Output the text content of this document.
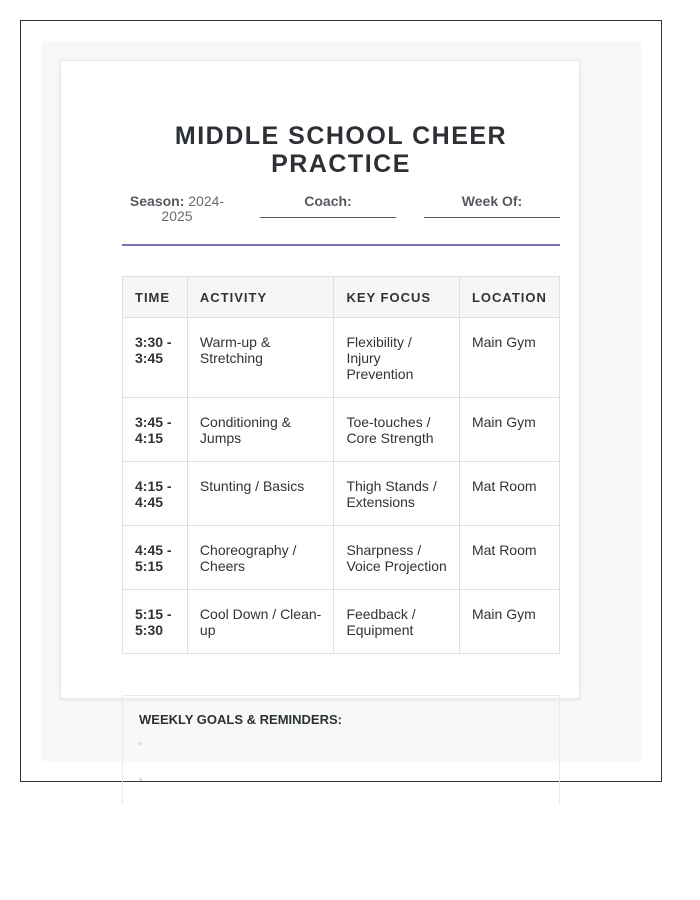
MIDDLE SCHOOL CHEER PRACTICE
Season: 2024-2025
Coach:	Week Of:
TIME	ACTIVITY	KEY FOCUS	LOCATION
3:30 - 3:45	Warm-up & Stretching	Flexibility / Injury Prevention	Main Gym
3:45 - 4:15	Conditioning & Jumps	Toe-touches / Core Strength	Main Gym
4:15 - 4:45	Stunting / Basics	Thigh Stands / Extensions	Mat Room
4:45 - 5:15	Choreography / Cheers	Sharpness / Voice Projection	Mat Room
5:15 - 5:30	Cool Down / Clean-up	Feedback / Equipment	Main Gym
WEEKLY GOALS & REMINDERS:
